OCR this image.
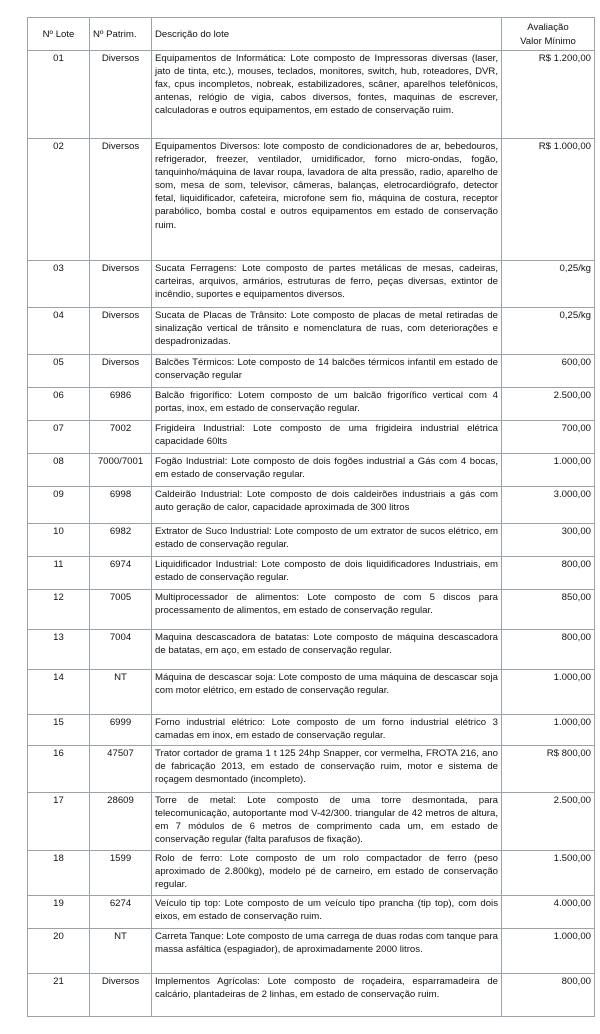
Nº Lote	Nº Patrim.	Descrição do lote	Avaliação
Valor Mínimo

01	Diversos	Equipamentos de Informática: Lote composto de Impressoras diversas (laser, jato de tinta, etc.), mouses, teclados, monitores, switch, hub, roteadores, DVR, fax, cpus incompletos, nobreak, estabilizadores, scâner, aparelhos telefônicos, antenas, relógio de vigia, cabos diversos, fontes, maquinas de escrever, calculadoras e outros equipamentos, em estado de conservação ruim.	R$ 1.200,00
02	Diversos	Equipamentos Diversos: lote composto de condicionadores de ar, bebedouros, refrigerador, freezer, ventilador, umidificador, forno micro-ondas, fogão, tanquinho/máquina de lavar roupa, lavadora de alta pressão, radio, aparelho de som, mesa de som, televisor, câmeras, balanças, eletrocardiógrafo, detector fetal, liquidificador, cafeteira, microfone sem fio, máquina de costura, receptor parabólico, bomba costal e outros equipamentos em estado de conservação ruim.	R$ 1.000,00
03	Diversos	Sucata Ferragens: Lote composto de partes metálicas de mesas, cadeiras, carteiras, arquivos, armários, estruturas de ferro, peças diversas, extintor de incêndio, suportes e equipamentos diversos.	0,25/kg
04	Diversos	Sucata de Placas de Trânsito: Lote composto de placas de metal retiradas de sinalização vertical de trânsito e nomenclatura de ruas, com deteriorações e despadronizadas.	0,25/kg
05	Diversos	Balcões Térmicos: Lote composto de 14 balcões térmicos infantil em estado de conservação regular	600,00
06	6986	Balcão frigorífico: Lotem composto de um balcão frigorífico vertical com 4 portas, inox, em estado de conservação regular.	2.500,00
07	7002	Frigideira Industrial: Lote composto de uma frigideira industrial elétrica capacidade 60lts	700,00
08	7000/7001	Fogão Industrial: Lote composto de dois fogões industrial a Gás com 4 bocas, em estado de conservação regular.	1.000,00
09	6998	Caldeirão Industrial: Lote composto de dois caldeirões industriais a gás com auto geração de calor, capacidade aproximada de 300 litros	3.000,00
10	6982	Extrator de Suco Industrial: Lote composto de um extrator de sucos elétrico, em estado de conservação regular.	300,00
11	6974	Liquidificador Industrial: Lote composto de dois liquidificadores Industriais, em estado de conservação regular.	800,00
12	7005	Multiprocessador de alimentos: Lote composto de com 5 discos para processamento de alimentos, em estado de conservação regular.	850,00
13	7004	Maquina descascadora de batatas: Lote composto de máquina descascadora de batatas, em aço, em estado de conservação regular.	800,00
14	NT	Máquina de descascar soja: Lote composto de uma máquina de descascar soja com motor elétrico, em estado de conservação regular.	1.000,00
15	6999	Forno industrial elétrico: Lote composto de um forno industrial elétrico 3 camadas em inox, em estado de conservação regular.	1.000,00
16	47507	Trator cortador de grama 1 t 125 24hp Snapper, cor vermelha, FROTA 216, ano de fabricação 2013, em estado de conservação ruim, motor e sistema de roçagem desmontado (incompleto).	R$ 800,00
17	28609	Torre de metal: Lote composto de uma torre desmontada, para telecomunicação, autoportante mod V-42/300. triangular de 42 metros de altura, em 7 módulos de 6 metros de comprimento cada um, em estado de conservação regular (falta parafusos de fixação).	2.500,00
18	1599	Rolo de ferro: Lote composto de um rolo compactador de ferro (peso aproximado de 2.800kg), modelo pé de carneiro, em estado de conservação regular.	1.500,00
19	6274	Veículo tip top: Lote composto de um veículo tipo prancha (tip top), com dois eixos, em estado de conservação ruim.	4.000,00
20	NT	Carreta Tanque: Lote composto de uma carrega de duas rodas com tanque para massa asfáltica (espagiador), de aproximadamente 2000 litros.	1.000,00
21	Diversos	Implementos Agrícolas: Lote composto de roçadeira, esparramadeira de calcário, plantadeiras de 2 linhas, em estado de conservação ruim.	800,00
